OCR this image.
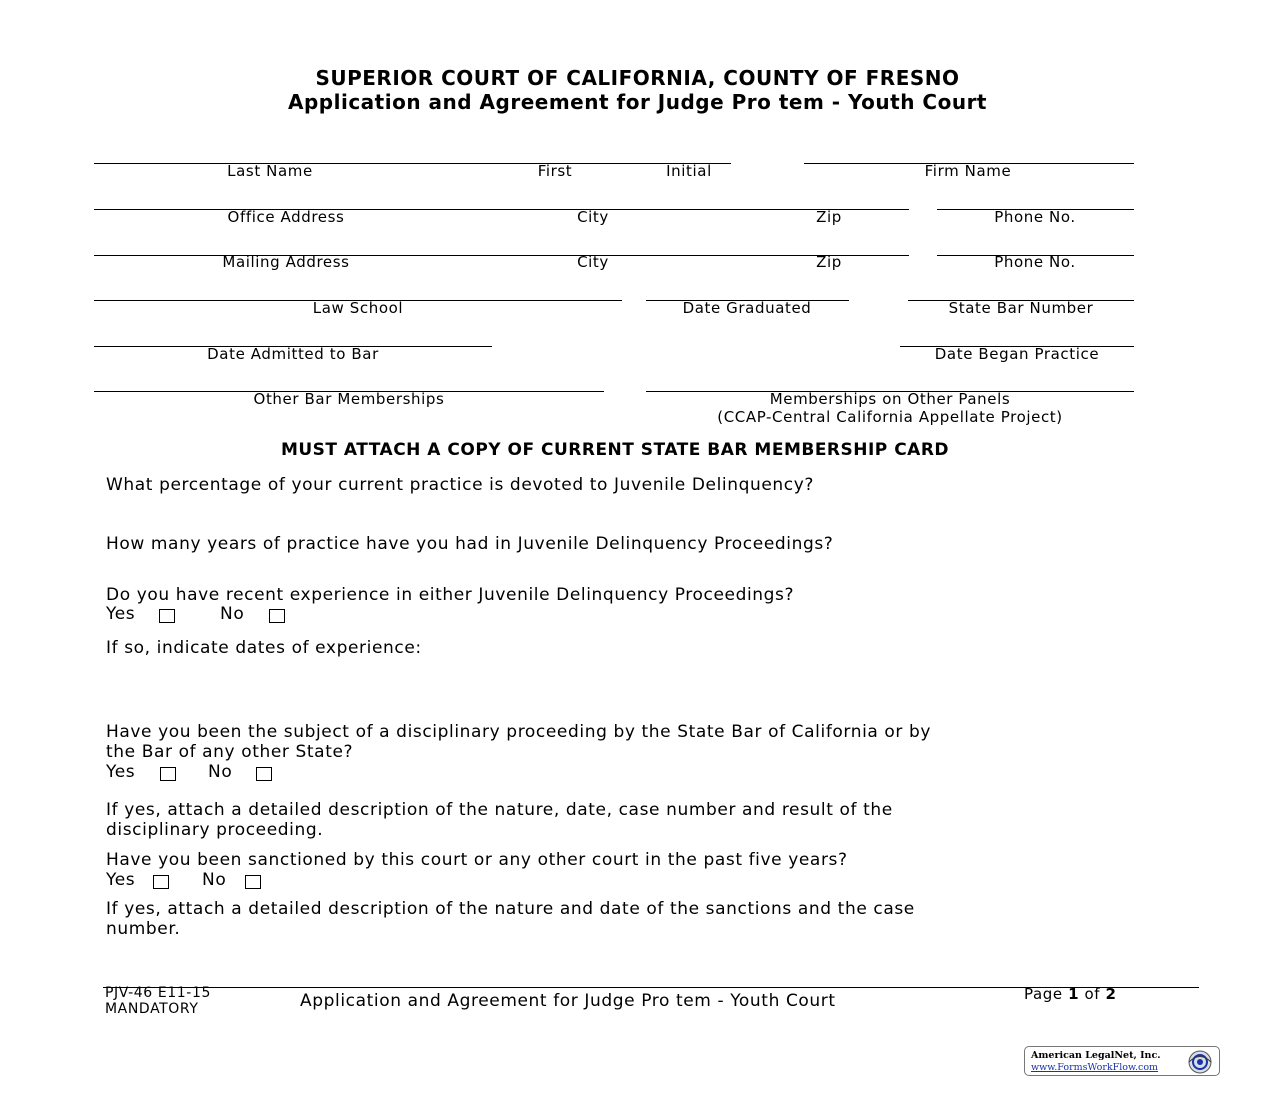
SUPERIOR COURT OF CALIFORNIA, COUNTY OF FRESNO
Application and Agreement for Judge Pro tem - Youth Court
Last Name	First	Initial	Firm Name
Office Address	City	Zip	Phone No.
Mailing Address	City	Zip	Phone No.
Law School	Date Graduated	State Bar Number
Date Admitted to Bar	Date Began Practice
Other Bar Memberships	Memberships on Other Panels
(CCAP-Central California Appellate Project)
MUST ATTACH A COPY OF CURRENT STATE BAR MEMBERSHIP CARD
What percentage of your current practice is devoted to Juvenile Delinquency?
How many years of practice have you had in Juvenile Delinquency Proceedings?
Do you have recent experience in either Juvenile Delinquency Proceedings?
Yes	No
If so, indicate dates of experience:
Have you been the subject of a disciplinary proceeding by the State Bar of California or by
the Bar of any other State?
Yes	No
If yes, attach a detailed description of the nature, date, case number and result of the
disciplinary proceeding.
Have you been sanctioned by this court or any other court in the past five years?
Yes	No
If yes, attach a detailed description of the nature and date of the sanctions and the case
number.
PJV-46 E11-15
MANDATORY	Application and Agreement for Judge Pro tem - Youth Court	Page 1 of 2
American LegalNet, Inc.
www.FormsWorkFlow.com
